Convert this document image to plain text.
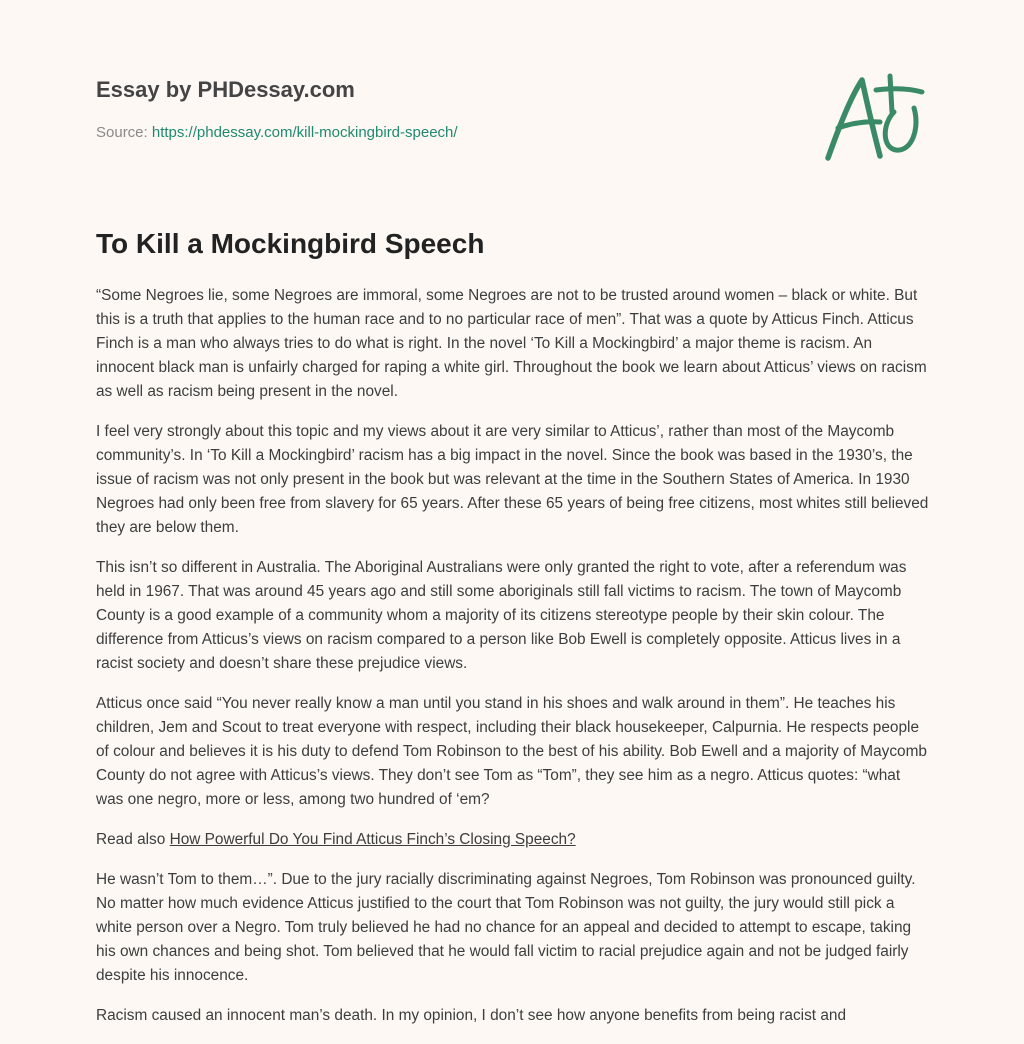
Essay by PHDessay.com
Source: https://phdessay.com/kill-mockingbird-speech/
To Kill a Mockingbird Speech

“Some Negroes lie, some Negroes are immoral, some Negroes are not to be trusted around women – black or white. But this is a truth that applies to the human race and to no particular race of men”. That was a quote by Atticus Finch. Atticus Finch is a man who always tries to do what is right. In the novel ‘To Kill a Mockingbird’ a major theme is racism. An innocent black man is unfairly charged for raping a white girl. Throughout the book we learn about Atticus’ views on racism as well as racism being present in the novel.

I feel very strongly about this topic and my views about it are very similar to Atticus’, rather than most of the Maycomb community’s. In ‘To Kill a Mockingbird’ racism has a big impact in the novel. Since the book was based in the 1930’s, the issue of racism was not only present in the book but was relevant at the time in the Southern States of America. In 1930 Negroes had only been free from slavery for 65 years. After these 65 years of being free citizens, most whites still believed they are below them.

This isn’t so different in Australia. The Aboriginal Australians were only granted the right to vote, after a referendum was held in 1967. That was around 45 years ago and still some aboriginals still fall victims to racism. The town of Maycomb County is a good example of a community whom a majority of its citizens stereotype people by their skin colour. The difference from Atticus’s views on racism compared to a person like Bob Ewell is completely opposite. Atticus lives in a racist society and doesn’t share these prejudice views.

Atticus once said “You never really know a man until you stand in his shoes and walk around in them”. He teaches his children, Jem and Scout to treat everyone with respect, including their black housekeeper, Calpurnia. He respects people of colour and believes it is his duty to defend Tom Robinson to the best of his ability. Bob Ewell and a majority of Maycomb County do not agree with Atticus’s views. They don’t see Tom as “Tom”, they see him as a negro. Atticus quotes: “what was one negro, more or less, among two hundred of ‘em?

Read also How Powerful Do You Find Atticus Finch’s Closing Speech?

He wasn’t Tom to them…”. Due to the jury racially discriminating against Negroes, Tom Robinson was pronounced guilty. No matter how much evidence Atticus justified to the court that Tom Robinson was not guilty, the jury would still pick a white person over a Negro. Tom truly believed he had no chance for an appeal and decided to attempt to escape, taking his own chances and being shot. Tom believed that he would fall victim to racial prejudice again and not be judged fairly despite his innocence.

Racism caused an innocent man’s death. In my opinion, I don’t see how anyone benefits from being racist and
